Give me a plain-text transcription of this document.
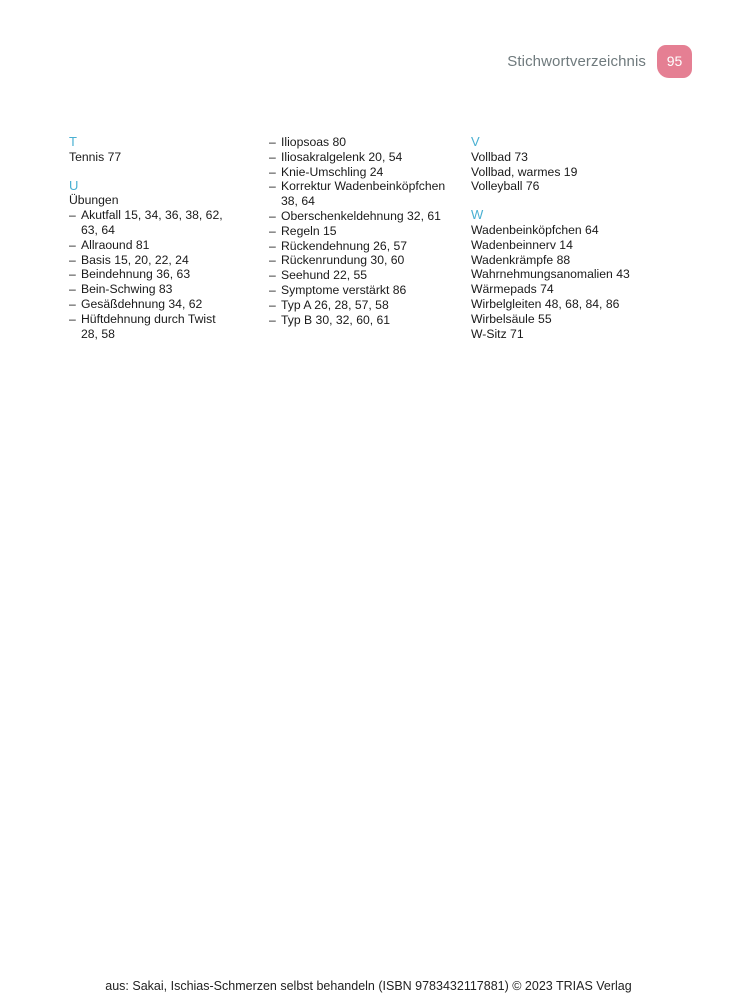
Stichwortverzeichnis	95
T
Tennis 77
U
Übungen
– Akutfall 15, 34, 36, 38, 62,
63, 64
– Allraound 81
– Basis 15, 20, 22, 24
– Beindehnung 36, 63
– Bein-Schwing 83
– Gesäßdehnung 34, 62
– Hüftdehnung durch Twist
28, 58
– Iliopsoas 80
– Iliosakralgelenk 20, 54
– Knie-Umschling 24
– Korrektur Wadenbeinköpfchen
38, 64
– Oberschenkeldehnung 32, 61
– Regeln 15
– Rückendehnung 26, 57
– Rückenrundung 30, 60
– Seehund 22, 55
– Symptome verstärkt 86
– Typ A 26, 28, 57, 58
– Typ B 30, 32, 60, 61
V
Vollbad 73
Vollbad, warmes 19
Volleyball 76
W
Wadenbeinköpfchen 64
Wadenbeinnerv 14
Wadenkrämpfe 88
Wahrnehmungsanomalien 43
Wärmepads 74
Wirbelgleiten 48, 68, 84, 86
Wirbelsäule 55
W-Sitz 71
aus: Sakai, Ischias-Schmerzen selbst behandeln (ISBN 9783432117881) © 2023 TRIAS Verlag
